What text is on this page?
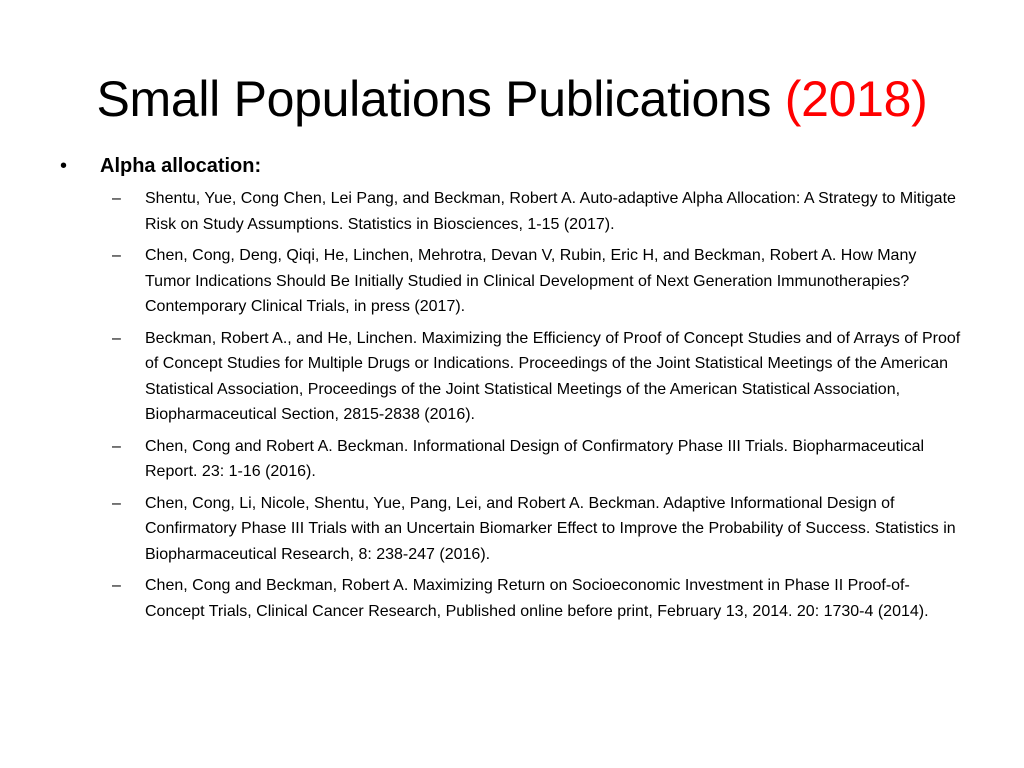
Small Populations Publications (2018)
•	Alpha allocation:
–	Shentu, Yue, Cong Chen, Lei Pang, and Beckman, Robert A. Auto-adaptive Alpha Allocation: A Strategy to Mitigate Risk on Study Assumptions. Statistics in Biosciences, 1-15 (2017).
–	Chen, Cong, Deng, Qiqi, He, Linchen, Mehrotra, Devan V, Rubin, Eric H, and Beckman, Robert A. How Many Tumor Indications Should Be Initially Studied in Clinical Development of Next Generation Immunotherapies? Contemporary Clinical Trials, in press (2017).
–	Beckman, Robert A., and He, Linchen. Maximizing the Efficiency of Proof of Concept Studies and of Arrays of Proof of Concept Studies for Multiple Drugs or Indications. Proceedings of the Joint Statistical Meetings of the American Statistical Association, Proceedings of the Joint Statistical Meetings of the American Statistical Association, Biopharmaceutical Section, 2815-2838 (2016).
–	Chen, Cong and Robert A. Beckman. Informational Design of Confirmatory Phase III Trials. Biopharmaceutical Report. 23: 1-16 (2016).
–	Chen, Cong, Li, Nicole, Shentu, Yue, Pang, Lei, and Robert A. Beckman. Adaptive Informational Design of Confirmatory Phase III Trials with an Uncertain Biomarker Effect to Improve the Probability of Success. Statistics in Biopharmaceutical Research, 8: 238-247 (2016).
–	Chen, Cong and Beckman, Robert A. Maximizing Return on Socioeconomic Investment in Phase II Proof-of-Concept Trials, Clinical Cancer Research, Published online before print, February 13, 2014. 20: 1730-4 (2014).
